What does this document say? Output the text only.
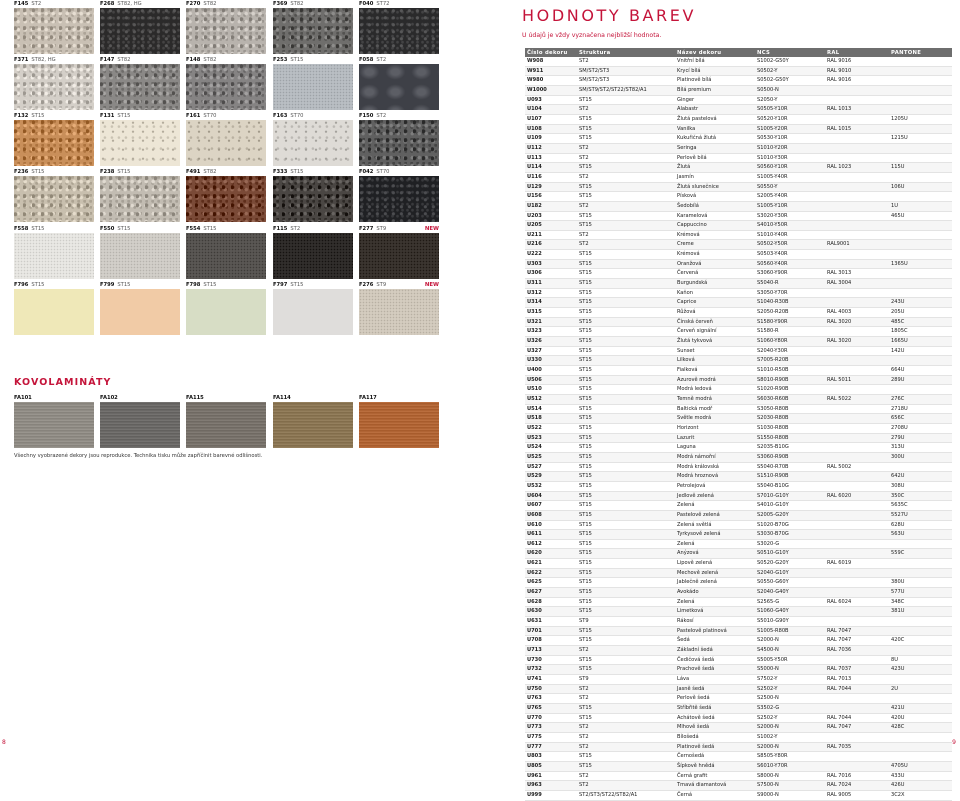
F145 ST2	F268 ST82, HG	F270 ST82	F369 ST82	F040 ST72
F371 ST82, HG	F147 ST82	F148 ST82	F253 ST15	F058 ST2
F132 ST15	F131 ST15	F161 ST70	F163 ST70	F150 ST2
F236 ST15	F238 ST15	F491 ST82	F333 ST15	F042 ST70
F558 ST15	F550 ST15	F554 ST15	F115 ST2	F277 ST9	NEW
F796 ST15	F799 ST15	F798 ST15	F797 ST15	F276 ST9	NEW
FA101	FA102	FA115	FA114	FA117
KOVOLAMINÁTY
Všechny vyobrazené dekory jsou reprodukce. Technika tisku může zapříčinit barevné odlišnosti.
8
HODNOTY BAREV
U údajů je vždy vyznačena nejbližší hodnota.
Číslo dekoru	Struktura	Název dekoru	NCS	RAL	PANTONE
W908	ST2	Vnitřní bílá	S1002-G50Y	RAL 9016	
W911	SM/ST2/ST3	Krycí bílá	S0502-Y	RAL 9010	
W980	SM/ST2/ST3	Platinově bílá	S0502-G50Y	RAL 9016	
W1000	SM/ST9/ST2/ST22/ST82/A1	Bílá premium	S0500-N		
U093	ST15	Ginger	S2050-Y		
U104	ST2	Alabastr	S0505-Y10R	RAL 1013	
U107	ST15	Žlutá pastelová	S0520-Y10R		1205U
U108	ST15	Vanilka	S1005-Y20R	RAL 1015	
U109	ST15	Kukuřičná žlutá	S0530-Y10R		1215U
U112	ST2	Seringa	S1010-Y20R		
U113	ST2	Perlově bílá	S1010-Y30R		
U114	ST15	Žlutá	S0560-Y10R	RAL 1023	115U
U116	ST2	Jasmín	S1005-Y40R		
U129	ST15	Žlutá slunečnice	S0550-Y		106U
U156	ST15	Písková	S2005-Y40R		
U182	ST2	Šedobílá	S1005-Y10R		1U
U203	ST15	Karamelová	S3020-Y30R		465U
U205	ST15	Cappuccino	S4010-Y50R		
U211	ST2	Krémová	S1010-Y40R		
U216	ST2	Creme	S0502-Y50R	RAL9001	
U222	ST15	Krémová	S0503-Y40R		
U303	ST15	Oranžová	S0560-Y40R		1365U
U306	ST15	Červená	S3060-Y90R	RAL 3013	
U311	ST15	Burgundská	S5040-R	RAL 3004	
U312	ST15	Kaňon	S3050-Y70R		
U314	ST15	Caprice	S1040-R30B		243U
U315	ST15	Růžová	S2050-R20B	RAL 4003	205U
U321	ST15	Čínská červeň	S1580-Y90R	RAL 3020	485C
U323	ST15	Červeň signální	S1580-R		1805C
U326	ST15	Žlutá tykvová	S1060-Y80R	RAL 3020	1665U
U327	ST15	Sunset	S2040-Y30R		142U
U330	ST15	Lilková	S7005-R20B		
U400	ST15	Fialková	S1010-R50B		664U
U506	ST15	Azurově modrá	S8010-R90B	RAL 5011	289U
U510	ST15	Modrá ledová	S1020-R90B		
U512	ST15	Temně modrá	S6030-R60B	RAL 5022	276C
U514	ST15	Baltická modř	S3050-R80B		2718U
U518	ST15	Světle modrá	S2030-R80B		656C
U522	ST15	Horizont	S1030-R80B		2708U
U523	ST15	Lazurit	S1550-R80B		279U
U524	ST15	Laguna	S2035-B10G		313U
U525	ST15	Modrá námořní	S3060-R90B		300U
U527	ST15	Modrá královská	S5040-R70B	RAL 5002	
U529	ST15	Modrá hroznová	S1510-R90B		642U
U532	ST15	Petrolejová	S5040-B10G		308U
U604	ST15	Jedlově zelená	S7010-G10Y	RAL 6020	350C
U607	ST15	Zelená	S4010-G10Y		5635C
U608	ST15	Pastelově zelená	S2005-G20Y		5527U
U610	ST15	Zelená světlá	S1020-B70G		628U
U611	ST15	Tyrkysově zelená	S3030-B70G		563U
U612	ST15	Zelená	S3020-G		
U620	ST15	Anýzová	S0510-G10Y		559C
U621	ST15	Lipově zelená	S0520-G20Y	RAL 6019	
U622	ST15	Mechově zelená	S2040-G10Y		
U625	ST15	Jablečně zelená	S0550-G60Y		380U
U627	ST15	Avokádo	S2040-G40Y		577U
U628	ST15	Zelená	S2565-G	RAL 6024	348C
U630	ST15	Limetková	S1060-G40Y		381U
U631	ST9	Rákosí	S5010-G90Y		
U701	ST15	Pastelově platinová	S1005-R80B	RAL 7047	
U708	ST15	Šedá	S2000-N	RAL 7047	420C
U713	ST2	Základní šedá	S4500-N	RAL 7036	
U730	ST15	Čedičová šedá	S5005-Y50R		8U
U732	ST15	Prachově šedá	S5000-N	RAL 7037	423U
U741	ST9	Láva	S7502-Y	RAL 7013	
U750	ST2	Jasně šedá	S2502-Y	RAL 7044	2U
U763	ST2	Perlově šedá	S2500-N		
U765	ST15	Stříbřitě šedá	S3502-G		421U
U770	ST15	Achátově šedá	S2502-Y	RAL 7044	420U
U773	ST2	Mlhově šedá	S2000-N	RAL 7047	428C
U775	ST2	Bílošedá	S1002-Y		
U777	ST2	Platinově šedá	S2000-N	RAL 7035	
U803	ST15	Černošedá	S8505-Y80R		
U805	ST15	Šípkově hnědá	S6010-Y70R		4705U
U961	ST2	Černá grafit	S8000-N	RAL 7016	433U
U963	ST2	Tmavá diamantová	S7500-N	RAL 7024	426U
U999	ST2/ST3/ST22/ST82/A1	Černá	S9000-N	RAL 9005	3C2X
9
